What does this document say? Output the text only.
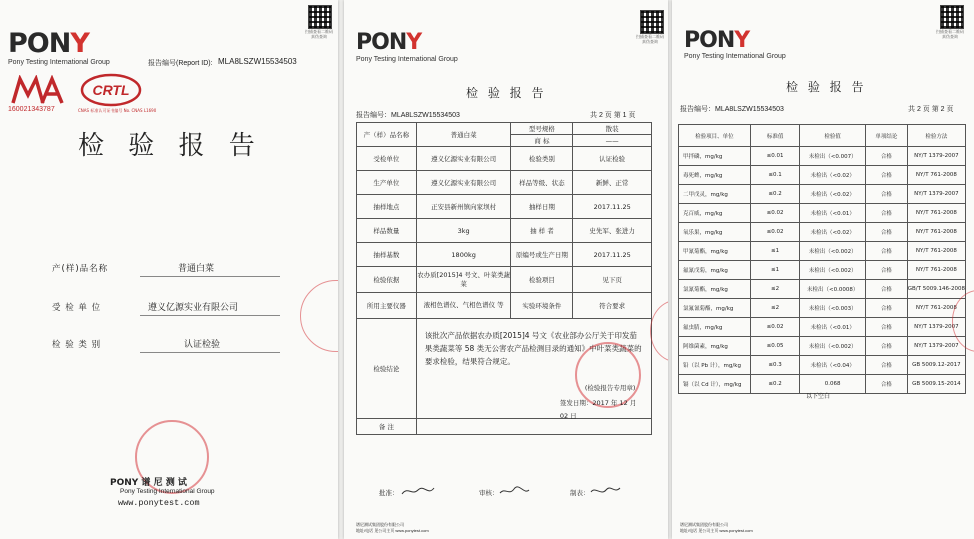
PONY
Pony Testing International Group
扫描查看二维码 真伪查询
报告编号(Report ID): MLA8LSZW15534503
160021343787
CRTL
CNAS 标准认可证书编号 No. CNAS L1690
检 验 报 告
产(样)品名称	普通白菜
受 检 单 位	遵义亿源实业有限公司
检 验 类 别	认证检验
PONY 谱 尼 测 试
Pony Testing International Group
www.ponytest.com
PONY
Pony Testing International Group
扫描查看二维码 真伪查询
检 验 报 告
报告编号：MLA8LSZW15534503	共 2 页 第 1 页
产（样）品名称	普通白菜	型号规格	散装
		商 标	——
受检单位	遵义亿源实业有限公司	检验类别	认证检验
生产单位	遵义亿源实业有限公司	样品等级、状态	新鲜、正常
抽样地点	正安县新州镇向家坝村	抽样日期	2017.11.25
样品数量	3kg	抽 样 者	史先军、张进力
抽样基数	1800kg	原编号或生产日期	2017.11.25
检验依据	农办质[2015]4 号文、叶菜类蔬菜	检验项目	见下页
所用主要仪器	液相色谱仪、气相色谱仪 等	实验环境条件	符合要求
检验结论	该批次产品依据农办质[2015]4 号文《农业部办公厅关于印发茄果类蔬菜等 58 类无公害农产品检测目录的通知》中叶菜类蔬菜的要求检验，结果符合规定。
(检验报告专用章)
签发日期：2017 年 12 月 02 日		

备 注			
批准：	审核：	制表：
谱尼测试集团股份有限公司
地址/电话 见公司主页 www.ponytest.com
PONY
Pony Testing International Group
扫描查看二维码 真伪查询
检 验 报 告
报告编号：MLA8LSZW15534503	共 2 页 第 2 页
检验项目、单位	标准值	检验值	单项结论	检验方法
甲拌磷，mg/kg	≤0.01	未检出（<0.007）	合格	NY/T 1379-2007
毒死蜱，mg/kg	≤0.1	未检出（<0.02）	合格	NY/T 761-2008
二甲戊灵，mg/kg	≤0.2	未检出（<0.02）	合格	NY/T 1379-2007
克百威，mg/kg	≤0.02	未检出（<0.01）	合格	NY/T 761-2008
氧乐果，mg/kg	≤0.02	未检出（<0.02）	合格	NY/T 761-2008
甲氰菊酯，mg/kg	≤1	未检出（<0.002）	合格	NY/T 761-2008
氟氰戊菊，mg/kg	≤1	未检出（<0.002）	合格	NY/T 761-2008
氯氰菊酯，mg/kg	≤2	未检出（<0.0008）	合格	GB/T 5009.146-2008
氯氟氰菊酯，mg/kg	≤2	未检出（<0.003）	合格	NY/T 761-2008
氟虫腈，mg/kg	≤0.02	未检出（<0.01）	合格	NY/T 1379-2007
阿维菌素，mg/kg	≤0.05	未检出（<0.002）	合格	NY/T 1379-2007
铅（以 Pb 计），mg/kg	≤0.3	未检出（<0.04）	合格	GB 5009.12-2017
镉（以 Cd 计），mg/kg	≤0.2	0.068	合格	GB 5009.15-2014
以下空白
谱尼测试集团股份有限公司
地址/电话 见公司主页 www.ponytest.com
